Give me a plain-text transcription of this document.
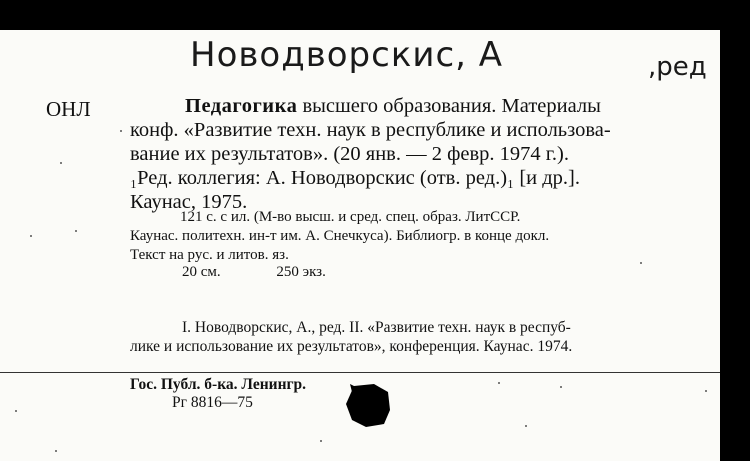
Новодворскис, А	,ред
ОНЛ	Педагогика высшего образования. Материалы
конф. «Развитие техн. наук в республике и использова-
вание их результатов». (20 янв. — 2 февр. 1974 г.).
₁Ред. коллегия: А. Новодворскис (отв. ред.)₁ [и др.].
Каунас, 1975.
121 с. с ил. (М-во высш. и сред. спец. образ. ЛитССР.
Каунас. политехн. ин-т им. А. Снечкуса). Библиогр. в конце докл.
Текст на рус. и литов. яз.
20 см.	250 экз.
I. Новодворскис, А., ред. II. «Развитие техн. наук в респуб-
лике и использование их результатов», конференция. Каунас. 1974.
Гос. Публ. б-ка. Ленингр.
Рг 8816—75
